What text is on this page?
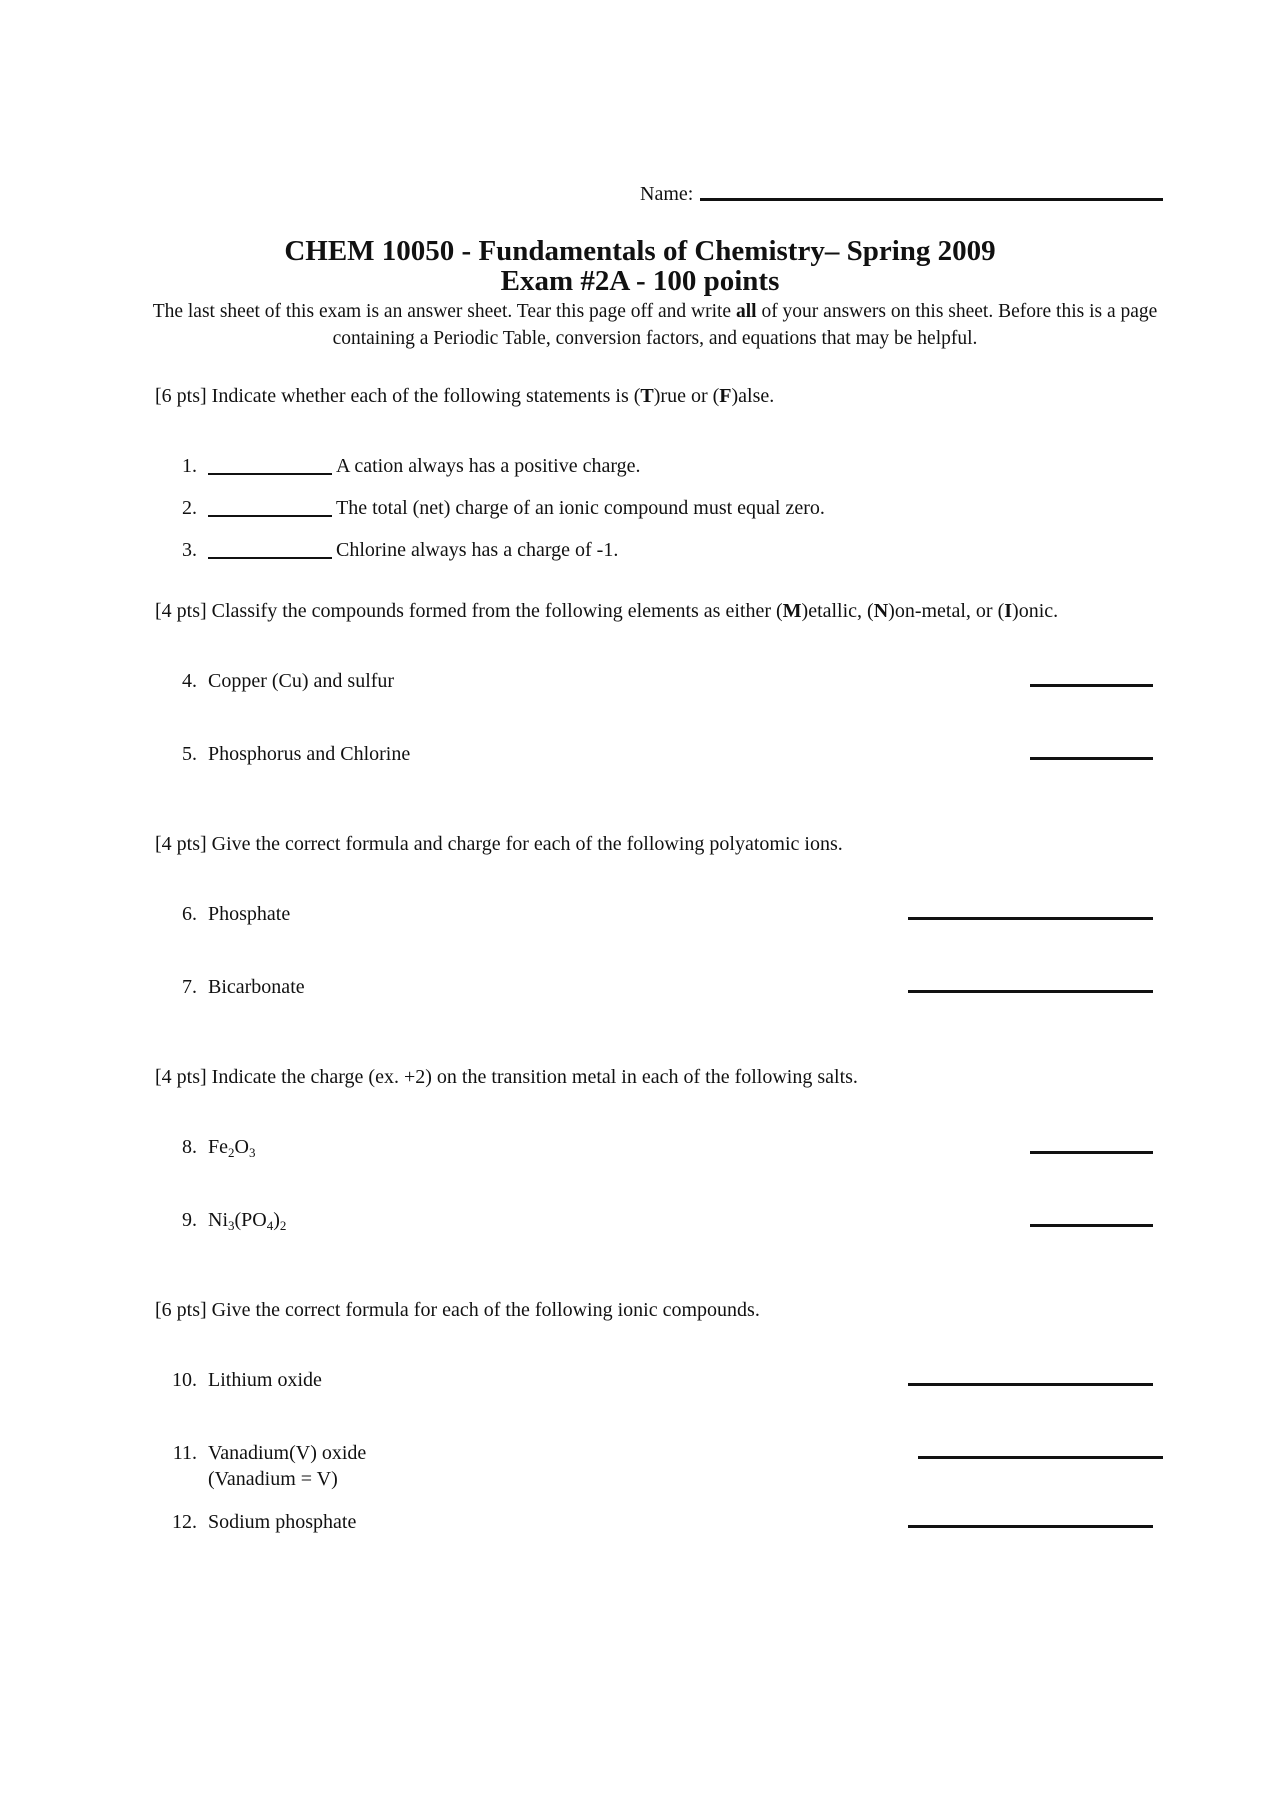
Name:
CHEM 10050 - Fundamentals of Chemistry– Spring 2009
Exam #2A - 100 points
The last sheet of this exam is an answer sheet. Tear this page off and write all of your answers on this sheet. Before this is a page containing a Periodic Table, conversion factors, and equations that may be helpful.
[6 pts] Indicate whether each of the following statements is (T)rue or (F)alse.
1.	A cation always has a positive charge.
2.	The total (net) charge of an ionic compound must equal zero.
3.	Chlorine always has a charge of -1.
[4 pts] Classify the compounds formed from the following elements as either (M)etallic, (N)on-metal, or (I)onic.
4. Copper (Cu) and sulfur
5. Phosphorus and Chlorine
[4 pts] Give the correct formula and charge for each of the following polyatomic ions.
6. Phosphate
7. Bicarbonate
[4 pts] Indicate the charge (ex. +2) on the transition metal in each of the following salts.
8. $Fe_2O_3$
9. $Ni_3(PO_4)_2$
[6 pts] Give the correct formula for each of the following ionic compounds.
10. Lithium oxide
11. Vanadium(V) oxide
(Vanadium = V)
12. Sodium phosphate
